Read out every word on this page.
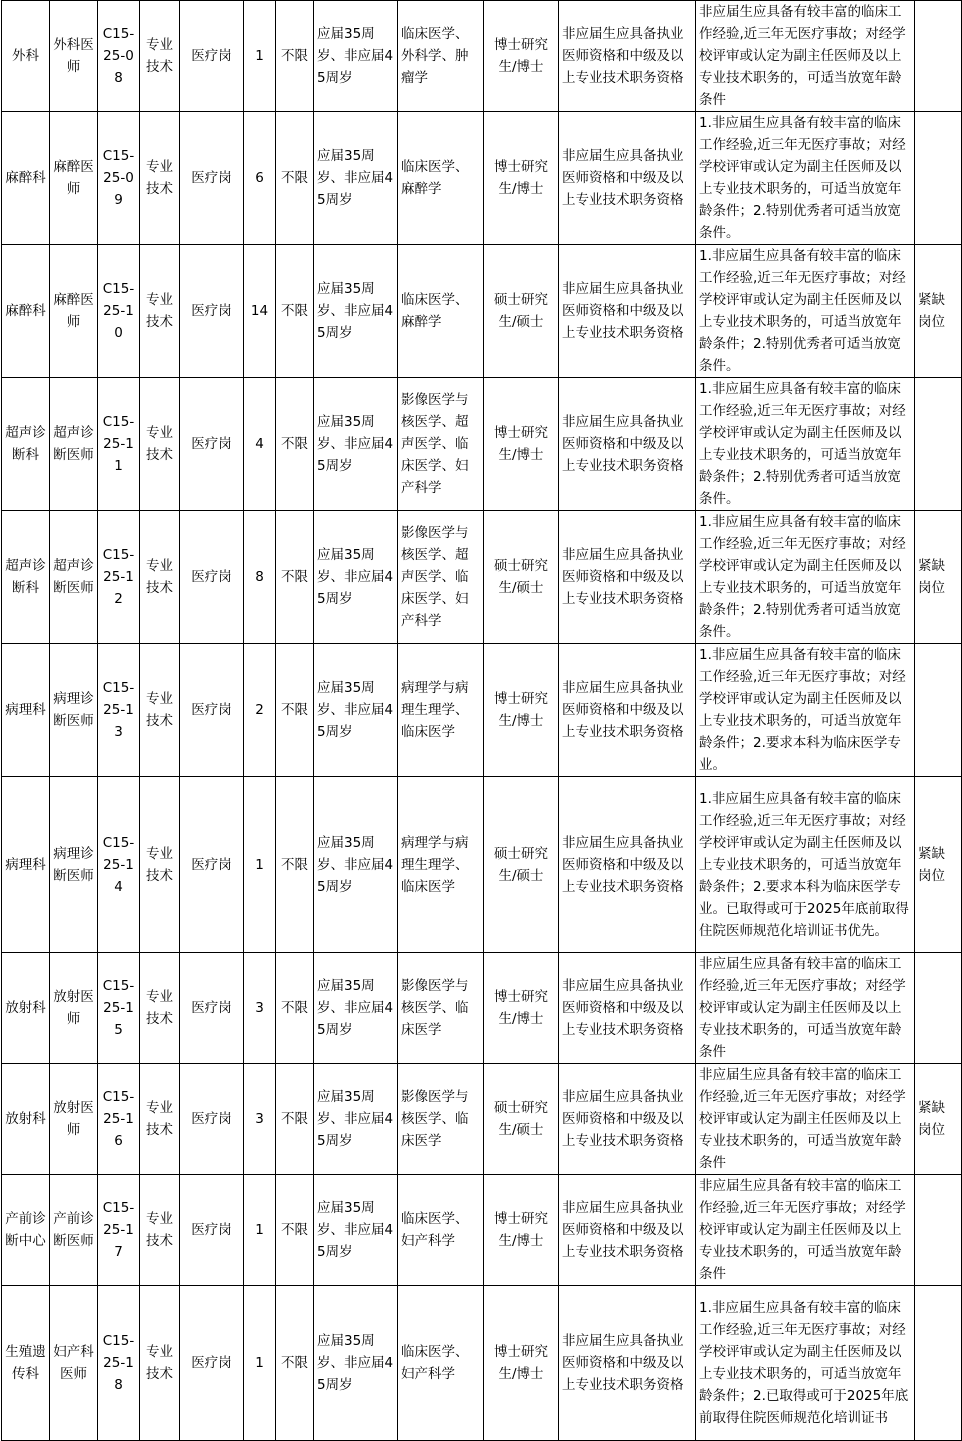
外科	外科医师	C15-25-08	专业技术	医疗岗	1	不限	应届35周岁、非应届45周岁	临床医学、外科学、肿瘤学	博士研究生/博士	非应届生应具备执业医师资格和中级及以上专业技术职务资格	非应届生应具备有较丰富的临床工作经验,近三年无医疗事故；对经学校评审或认定为副主任医师及以上专业技术职务的，可适当放宽年龄条件	
麻醉科	麻醉医师	C15-25-09	专业技术	医疗岗	6	不限	应届35周岁、非应届45周岁	临床医学、麻醉学	博士研究生/博士	非应届生应具备执业医师资格和中级及以上专业技术职务资格	1.非应届生应具备有较丰富的临床工作经验,近三年无医疗事故；对经学校评审或认定为副主任医师及以上专业技术职务的，可适当放宽年龄条件；2.特别优秀者可适当放宽条件。	
麻醉科	麻醉医师	C15-25-10	专业技术	医疗岗	14	不限	应届35周岁、非应届45周岁	临床医学、麻醉学	硕士研究生/硕士	非应届生应具备执业医师资格和中级及以上专业技术职务资格	1.非应届生应具备有较丰富的临床工作经验,近三年无医疗事故；对经学校评审或认定为副主任医师及以上专业技术职务的，可适当放宽年龄条件；2.特别优秀者可适当放宽条件。	紧缺岗位
超声诊断科	超声诊断医师	C15-25-11	专业技术	医疗岗	4	不限	应届35周岁、非应届45周岁	影像医学与核医学、超声医学、临床医学、妇产科学	博士研究生/博士	非应届生应具备执业医师资格和中级及以上专业技术职务资格	1.非应届生应具备有较丰富的临床工作经验,近三年无医疗事故；对经学校评审或认定为副主任医师及以上专业技术职务的，可适当放宽年龄条件；2.特别优秀者可适当放宽条件。	
超声诊断科	超声诊断医师	C15-25-12	专业技术	医疗岗	8	不限	应届35周岁、非应届45周岁	影像医学与核医学、超声医学、临床医学、妇产科学	硕士研究生/硕士	非应届生应具备执业医师资格和中级及以上专业技术职务资格	1.非应届生应具备有较丰富的临床工作经验,近三年无医疗事故；对经学校评审或认定为副主任医师及以上专业技术职务的，可适当放宽年龄条件；2.特别优秀者可适当放宽条件。	紧缺岗位
病理科	病理诊断医师	C15-25-13	专业技术	医疗岗	2	不限	应届35周岁、非应届45周岁	病理学与病理生理学、临床医学	博士研究生/博士	非应届生应具备执业医师资格和中级及以上专业技术职务资格	1.非应届生应具备有较丰富的临床工作经验,近三年无医疗事故；对经学校评审或认定为副主任医师及以上专业技术职务的，可适当放宽年龄条件；2.要求本科为临床医学专业。	
病理科	病理诊断医师	C15-25-14	专业技术	医疗岗	1	不限	应届35周岁、非应届45周岁	病理学与病理生理学、临床医学	硕士研究生/硕士	非应届生应具备执业医师资格和中级及以上专业技术职务资格	1.非应届生应具备有较丰富的临床工作经验,近三年无医疗事故；对经学校评审或认定为副主任医师及以上专业技术职务的，可适当放宽年龄条件；2.要求本科为临床医学专业。已取得或可于2025年底前取得住院医师规范化培训证书优先。	紧缺岗位
放射科	放射医师	C15-25-15	专业技术	医疗岗	3	不限	应届35周岁、非应届45周岁	影像医学与核医学、临床医学	博士研究生/博士	非应届生应具备执业医师资格和中级及以上专业技术职务资格	非应届生应具备有较丰富的临床工作经验,近三年无医疗事故；对经学校评审或认定为副主任医师及以上专业技术职务的，可适当放宽年龄条件	
放射科	放射医师	C15-25-16	专业技术	医疗岗	3	不限	应届35周岁、非应届45周岁	影像医学与核医学、临床医学	硕士研究生/硕士	非应届生应具备执业医师资格和中级及以上专业技术职务资格	非应届生应具备有较丰富的临床工作经验,近三年无医疗事故；对经学校评审或认定为副主任医师及以上专业技术职务的，可适当放宽年龄条件	紧缺岗位
产前诊断中心	产前诊断医师	C15-25-17	专业技术	医疗岗	1	不限	应届35周岁、非应届45周岁	临床医学、妇产科学	博士研究生/博士	非应届生应具备执业医师资格和中级及以上专业技术职务资格	非应届生应具备有较丰富的临床工作经验,近三年无医疗事故；对经学校评审或认定为副主任医师及以上专业技术职务的，可适当放宽年龄条件	
生殖遗传科	妇产科医师	C15-25-18	专业技术	医疗岗	1	不限	应届35周岁、非应届45周岁	临床医学、妇产科学	博士研究生/博士	非应届生应具备执业医师资格和中级及以上专业技术职务资格	1.非应届生应具备有较丰富的临床工作经验,近三年无医疗事故；对经学校评审或认定为副主任医师及以上专业技术职务的，可适当放宽年龄条件；2.已取得或可于2025年底前取得住院医师规范化培训证书	
